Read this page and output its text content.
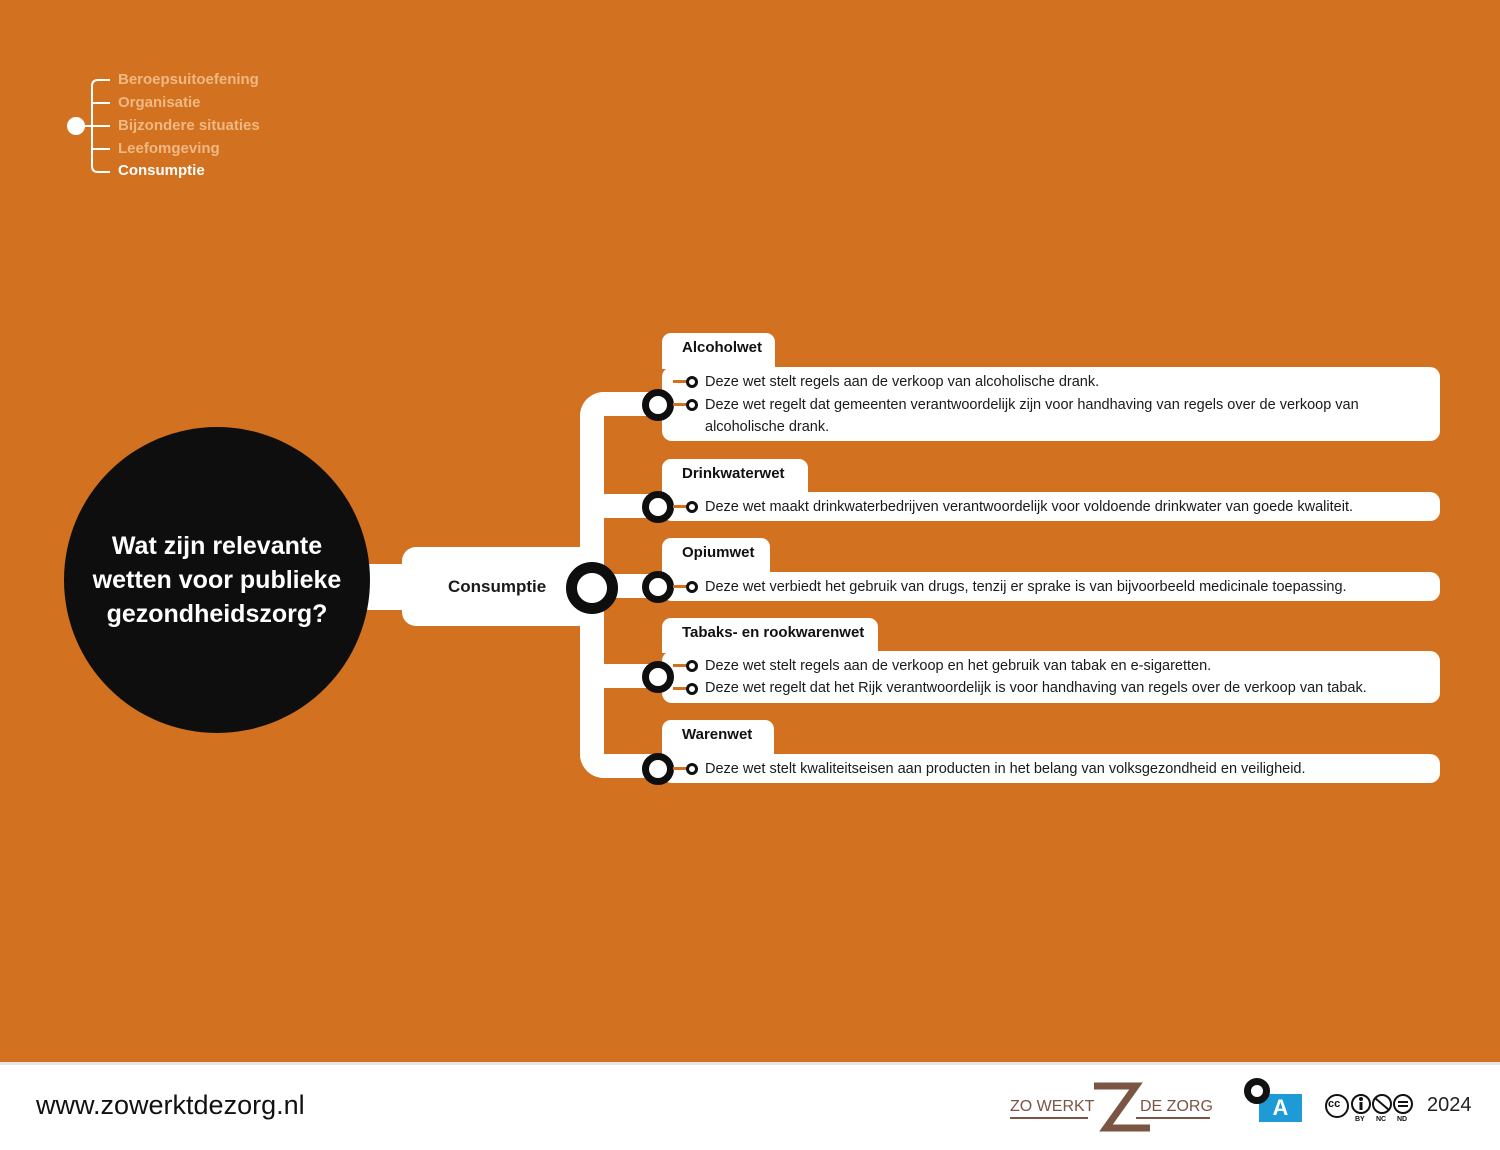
Beroepsuitoefening
Organisatie
Bijzondere situaties
Leefomgeving
Consumptie
Wat zijn relevante wetten voor publieke gezondheidszorg?
Consumptie
Alcoholwet
Deze wet stelt regels aan de verkoop van alcoholische drank.
Deze wet regelt dat gemeenten verantwoordelijk zijn voor handhaving van regels over de verkoop van
alcoholische drank.
Drinkwaterwet
Deze wet maakt drinkwaterbedrijven verantwoordelijk voor voldoende drinkwater van goede kwaliteit.
Opiumwet
Deze wet verbiedt het gebruik van drugs, tenzij er sprake is van bijvoorbeeld medicinale toepassing.
Tabaks- en rookwarenwet
Deze wet stelt regels aan de verkoop en het gebruik van tabak en e-sigaretten.
Deze wet regelt dat het Rijk verantwoordelijk is voor handhaving van regels over de verkoop van tabak.
Warenwet
Deze wet stelt kwaliteitseisen aan producten in het belang van volksgezondheid en veiligheid.
www.zowerktdezorg.nl	ZO WERKT	DE ZORG	A	cc
BY NC ND
2024
